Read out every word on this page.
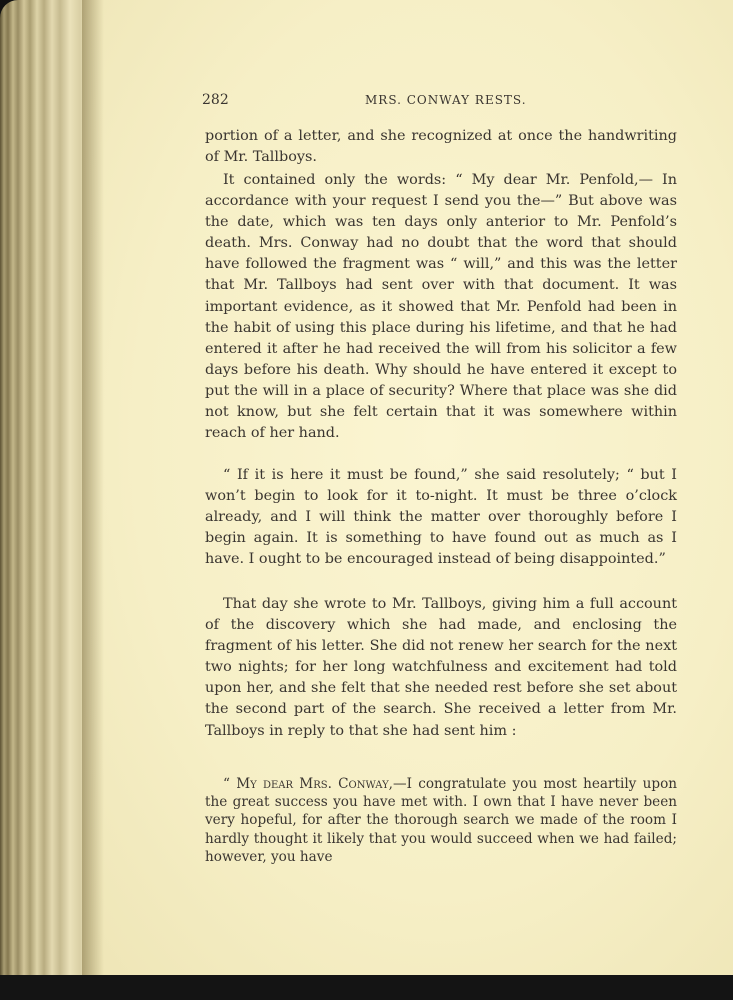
282	MRS. CONWAY RESTS.

portion of a letter, and she recognized at once the handwriting of Mr. Tallboys.

It contained only the words: “ My dear Mr. Penfold,— In accordance with your request I send you the—” But above was the date, which was ten days only anterior to Mr. Penfold’s death. Mrs. Conway had no doubt that the word that should have followed the fragment was “ will,” and this was the letter that Mr. Tallboys had sent over with that document. It was important evidence, as it showed that Mr. Penfold had been in the habit of using this place during his lifetime, and that he had entered it after he had received the will from his solicitor a few days before his death. Why should he have entered it except to put the will in a place of security? Where that place was she did not know, but she felt certain that it was somewhere within reach of her hand.

“ If it is here it must be found,” she said resolutely; “ but I won’t begin to look for it to-night. It must be three o’clock already, and I will think the matter over thoroughly before I begin again. It is something to have found out as much as I have. I ought to be encouraged instead of being disappointed.”

That day she wrote to Mr. Tallboys, giving him a full account of the discovery which she had made, and enclosing the fragment of his letter. She did not renew her search for the next two nights; for her long watchfulness and excitement had told upon her, and she felt that she needed rest before she set about the second part of the search. She received a letter from Mr. Tallboys in reply to that she had sent him :

“ My dear Mrs. Conway,—I congratulate you most heartily upon the great success you have met with. I own that I have never been very hopeful, for after the thorough search we made of the room I hardly thought it likely that you would succeed when we had failed; however, you have
